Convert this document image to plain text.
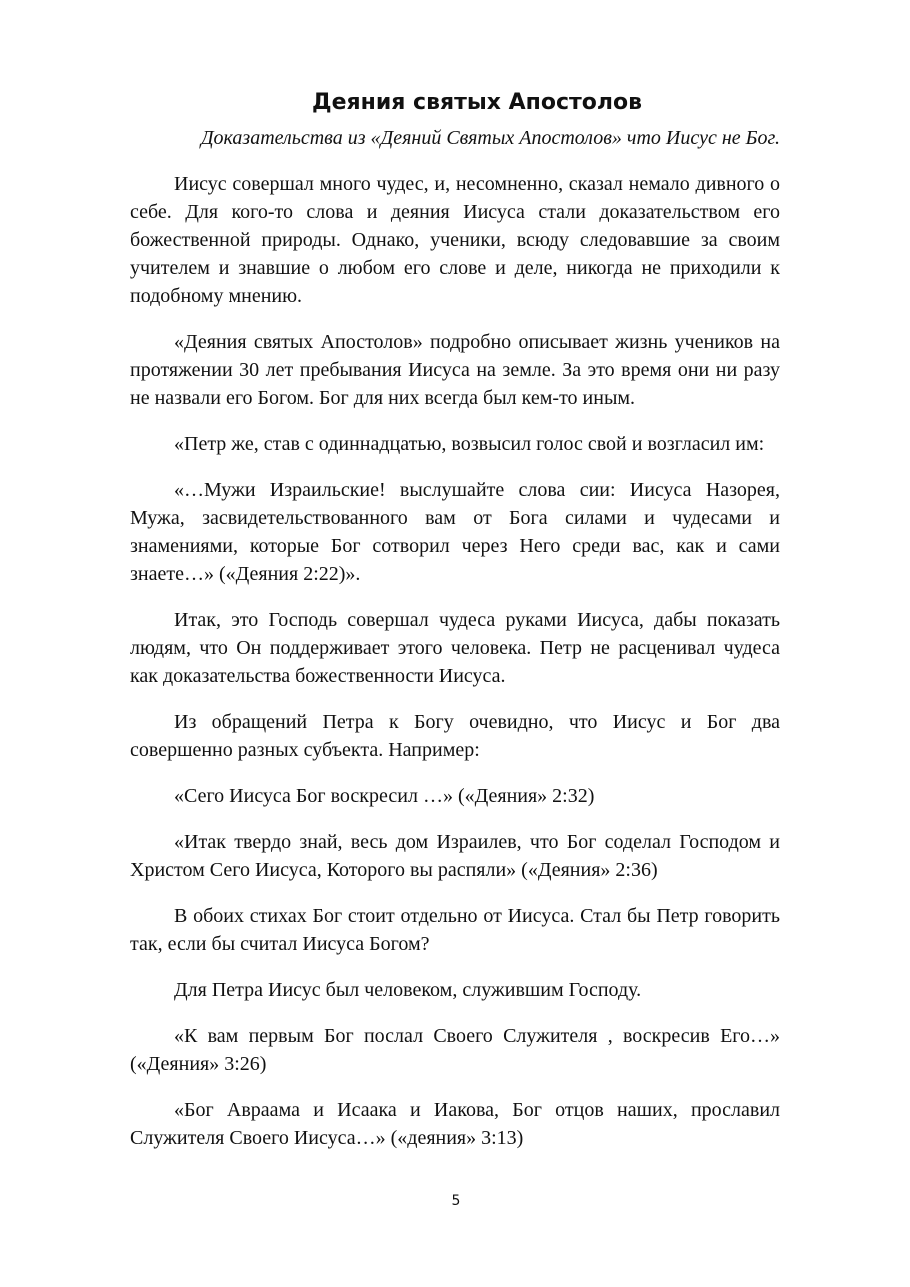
Деяния святых Апостолов

Доказательства из «Деяний Святых Апостолов» что Иисус не Бог.

Иисус совершал много чудес, и, несомненно, сказал немало дивного о себе. Для кого-то слова и деяния Иисуса стали доказательством его божественной природы. Однако, ученики, всюду следовавшие за своим учителем и знавшие о любом его слове и деле, никогда не приходили к подобному мнению.

«Деяния святых Апостолов» подробно описывает жизнь учеников на протяжении 30 лет пребывания Иисуса на земле. За это время они ни разу не назвали его Богом. Бог для них всегда был кем-то иным.

«Петр же, став с одиннадцатью, возвысил голос свой и возгласил им:

«…Мужи Израильские! выслушайте слова сии: Иисуса Назорея, Мужа, засвидетельствованного вам от Бога силами и чудесами и знамениями, которые Бог сотворил через Него среди вас, как и сами знаете…» («Деяния 2:22)».

Итак, это Господь совершал чудеса руками Иисуса, дабы показать людям, что Он поддерживает этого человека. Петр не расценивал чудеса как доказательства божественности Иисуса.

Из обращений Петра к Богу очевидно, что Иисус и Бог два совершенно разных субъекта. Например:

«Сего Иисуса Бог воскресил …» («Деяния» 2:32)

«Итак твердо знай, весь дом Израилев, что Бог соделал Господом и Христом Сего Иисуса, Которого вы распяли» («Деяния» 2:36)

В обоих стихах Бог стоит отдельно от Иисуса. Стал бы Петр говорить так, если бы считал Иисуса Богом?

Для Петра Иисус был человеком, служившим Господу.

«К вам первым Бог послал Своего Служителя , воскресив Его…» («Деяния» 3:26)

«Бог Авраама и Исаака и Иакова, Бог отцов наших, прославил Служителя Своего Иисуса…» («деяния» 3:13)

5
